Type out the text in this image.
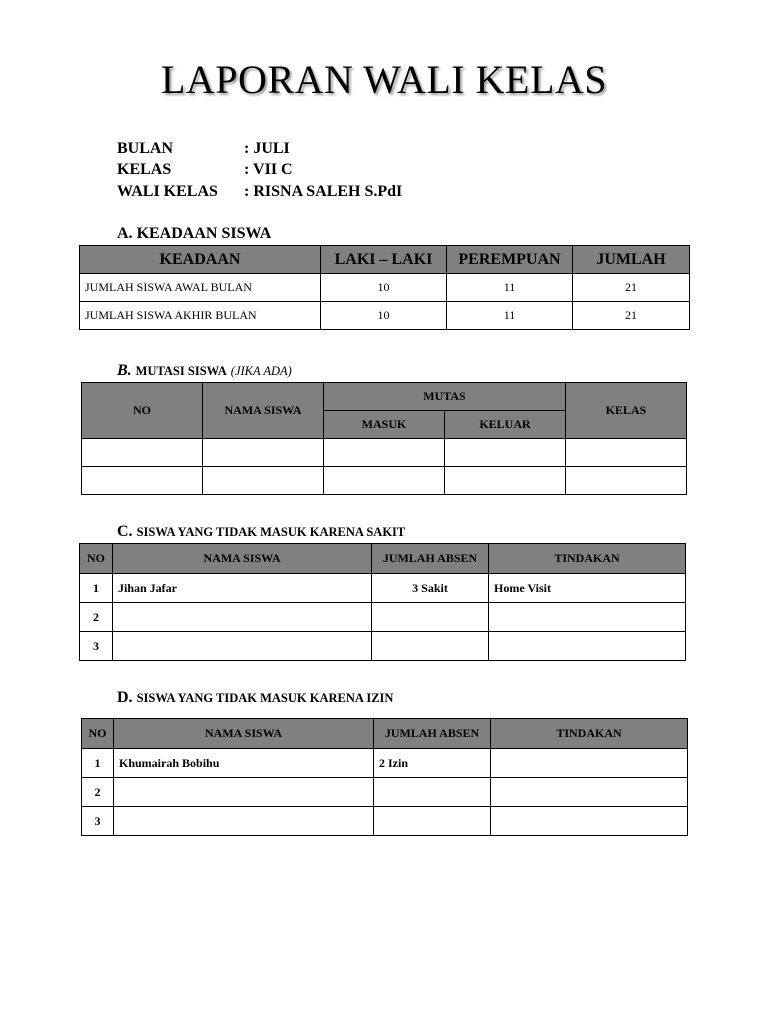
LAPORAN WALI KELAS
BULAN	: JULI
KELAS	: VII C
WALI KELAS : RISNA SALEH S.PdI
A. KEADAAN SISWA
KEADAAN	LAKI – LAKI	PEREMPUAN	JUMLAH
JUMLAH SISWA AWAL BULAN	10	11	21
JUMLAH SISWA AKHIR BULAN	10	11	21
B. MUTASI SISWA (JIKA ADA)
NO	NAMA SISWA	MUTAS		KELAS
		MASUK	KELUAR	

C. SISWA YANG TIDAK MASUK KARENA SAKIT
NO	NAMA SISWA	JUMLAH ABSEN	TINDAKAN
1	Jihan Jafar	3 Sakit	Home Visit
2			
3			
D. SISWA YANG TIDAK MASUK KARENA IZIN
NO	NAMA SISWA	JUMLAH ABSEN	TINDAKAN
1	Khumairah Bobihu	2 Izin	
2			
3			
